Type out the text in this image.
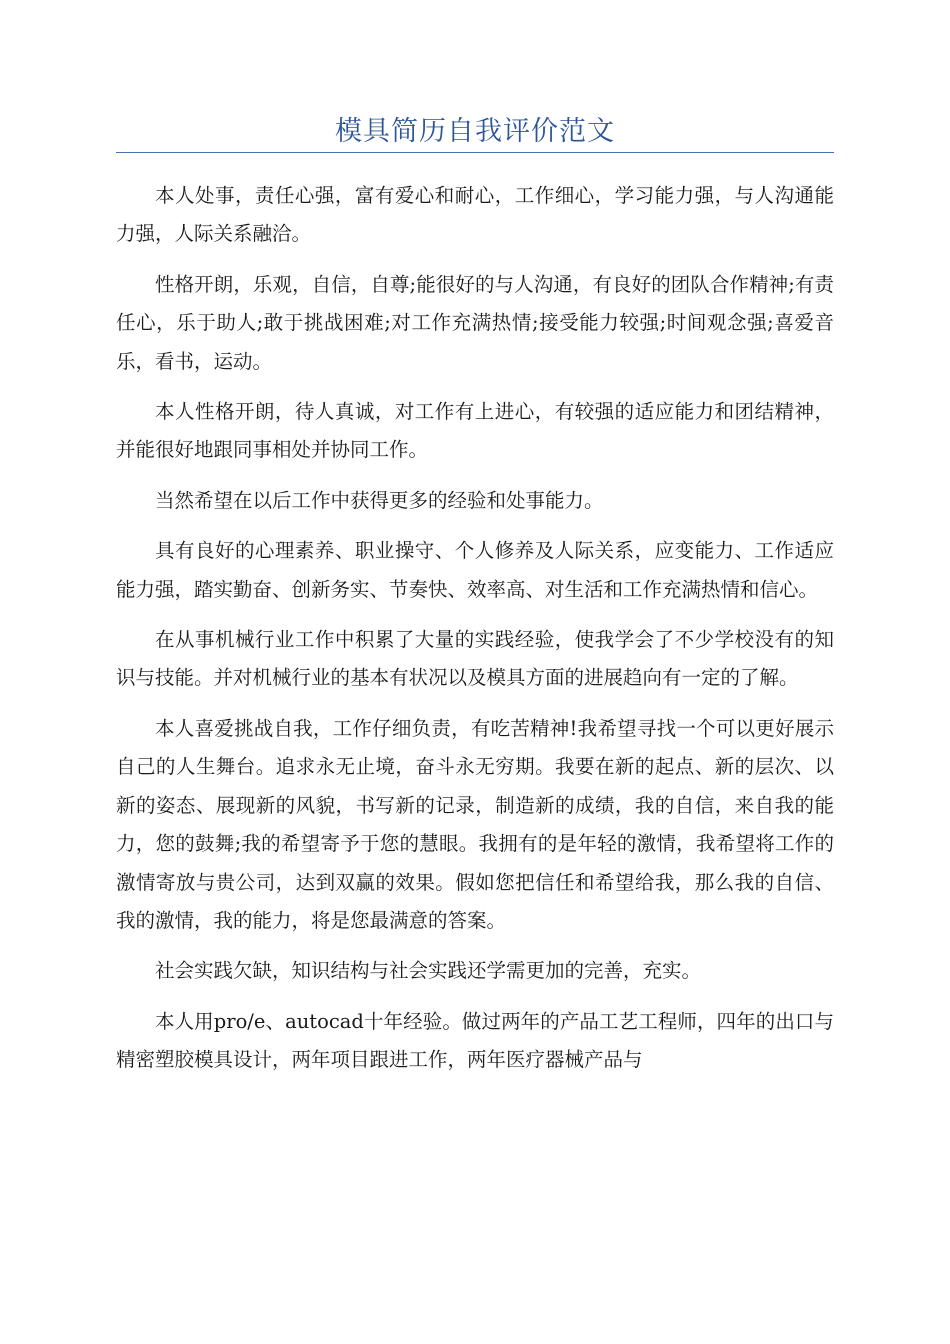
模具简历自我评价范文

本人处事，责任心强，富有爱心和耐心，工作细心，学习能力强，与人沟通能力强，人际关系融洽。

性格开朗，乐观，自信，自尊;能很好的与人沟通，有良好的团队合作精神;有责任心，乐于助人;敢于挑战困难;对工作充满热情;接受能力较强;时间观念强;喜爱音乐，看书，运动。

本人性格开朗，待人真诚，对工作有上进心，有较强的适应能力和团结精神，并能很好地跟同事相处并协同工作。

当然希望在以后工作中获得更多的经验和处事能力。

具有良好的心理素养、职业操守、个人修养及人际关系，应变能力、工作适应能力强，踏实勤奋、创新务实、节奏快、效率高、对生活和工作充满热情和信心。

在从事机械行业工作中积累了大量的实践经验，使我学会了不少学校没有的知识与技能。并对机械行业的基本有状况以及模具方面的进展趋向有一定的了解。

本人喜爱挑战自我，工作仔细负责，有吃苦精神!我希望寻找一个可以更好展示自己的人生舞台。追求永无止境，奋斗永无穷期。我要在新的起点、新的层次、以新的姿态、展现新的风貌，书写新的记录，制造新的成绩，我的自信，来自我的能力，您的鼓舞;我的希望寄予于您的慧眼。我拥有的是年轻的激情，我希望将工作的激情寄放与贵公司，达到双赢的效果。假如您把信任和希望给我，那么我的自信、我的激情，我的能力，将是您最满意的答案。

社会实践欠缺，知识结构与社会实践还学需更加的完善，充实。

本人用pro/e、autocad十年经验。做过两年的产品工艺工程师，四年的出口与精密塑胶模具设计，两年项目跟进工作，两年医疗器械产品与
